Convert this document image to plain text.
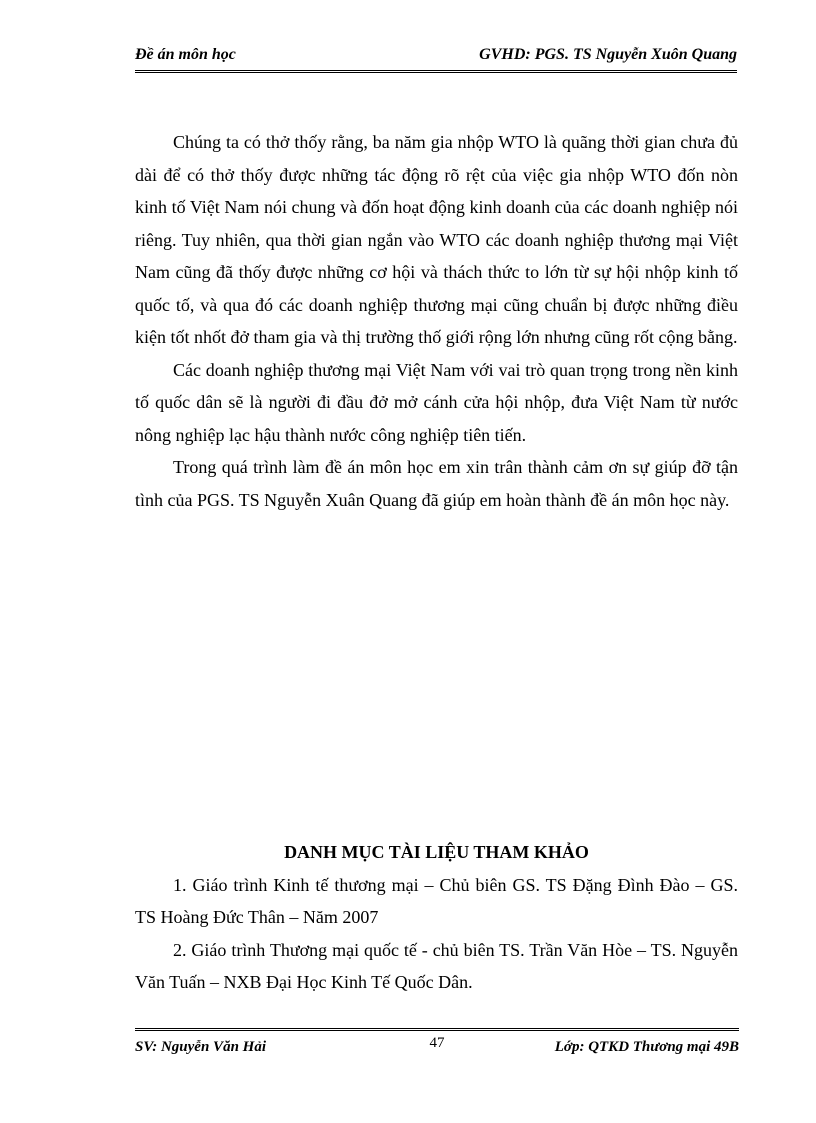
Đề án môn học	GVHD: PGS. TS Nguyễn Xuôn Quang

Chúng ta có thở thốy rằng, ba năm gia nhộp WTO là quãng thời gian chưa đủ dài để có thở thốy được những tác động rõ rệt của việc gia nhộp WTO đốn nòn kinh tố Việt Nam nói chung và đốn hoạt động kinh doanh của các doanh nghiệp nói riêng. Tuy nhiên, qua thời gian ngắn vào WTO các doanh nghiệp thương mại Việt Nam cũng đã thốy được những cơ hội và thách thức to lớn từ sự hội nhộp kinh tố quốc tố, và qua đó các doanh nghiệp thương mại cũng chuẩn bị được những điều kiện tốt nhốt đở tham gia và thị trường thố giới rộng lớn nhưng cũng rốt cộng bằng.

Các doanh nghiệp thương mại Việt Nam với vai trò quan trọng trong nền kinh tố quốc dân sẽ là người đi đầu đở mở cánh cửa hội nhộp, đưa Việt Nam từ nước nông nghiệp lạc hậu thành nước công nghiệp tiên tiến.

Trong quá trình làm đề án môn học em xin trân thành cảm ơn sự giúp đỡ tận tình của PGS. TS Nguyễn Xuân Quang đã giúp em hoàn thành đề án môn học này.

DANH MỤC TÀI LIỆU THAM KHẢO

1. Giáo trình Kinh tế thương mại – Chủ biên GS. TS Đặng Đình Đào – GS. TS Hoàng Đức Thân – Năm 2007

2. Giáo trình Thương mại quốc tế - chủ biên TS. Trần Văn Hòe – TS. Nguyễn Văn Tuấn – NXB Đại Học Kinh Tế Quốc Dân.

SV: Nguyễn Văn Hải	47	Lớp: QTKD Thương mại 49B
